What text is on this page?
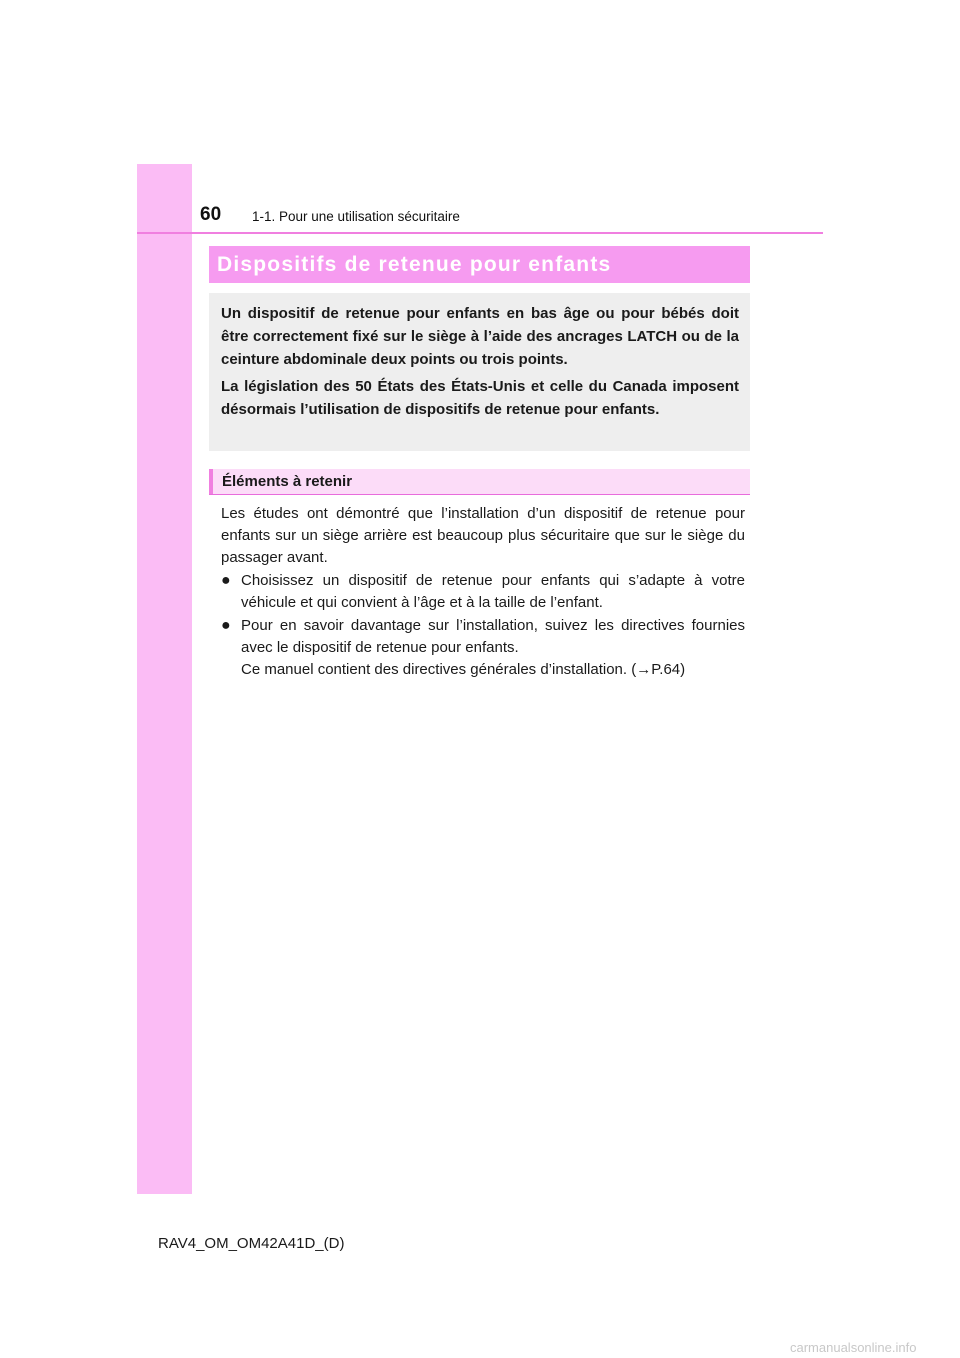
60 1-1. Pour une utilisation sécuritaire
Dispositifs de retenue pour enfants

Un dispositif de retenue pour enfants en bas âge ou pour bébés doit être correctement fixé sur le siège à l’aide des ancrages LATCH ou de la ceinture abdominale deux points ou trois points.

La législation des 50 États des États-Unis et celle du Canada imposent désormais l’utilisation de dispositifs de retenue pour enfants.

Éléments à retenir

Les études ont démontré que l’installation d’un dispositif de retenue pour enfants sur un siège arrière est beaucoup plus sécuritaire que sur le siège du passager avant.

● Choisissez un dispositif de retenue pour enfants qui s’adapte à votre véhicule et qui convient à l’âge et à la taille de l’enfant.

● Pour en savoir davantage sur l’installation, suivez les directives fournies avec le dispositif de retenue pour enfants.

Ce manuel contient des directives générales d’installation. (→P.64)

RAV4_OM_OM42A41D_(D)
carmanualsonline.info
